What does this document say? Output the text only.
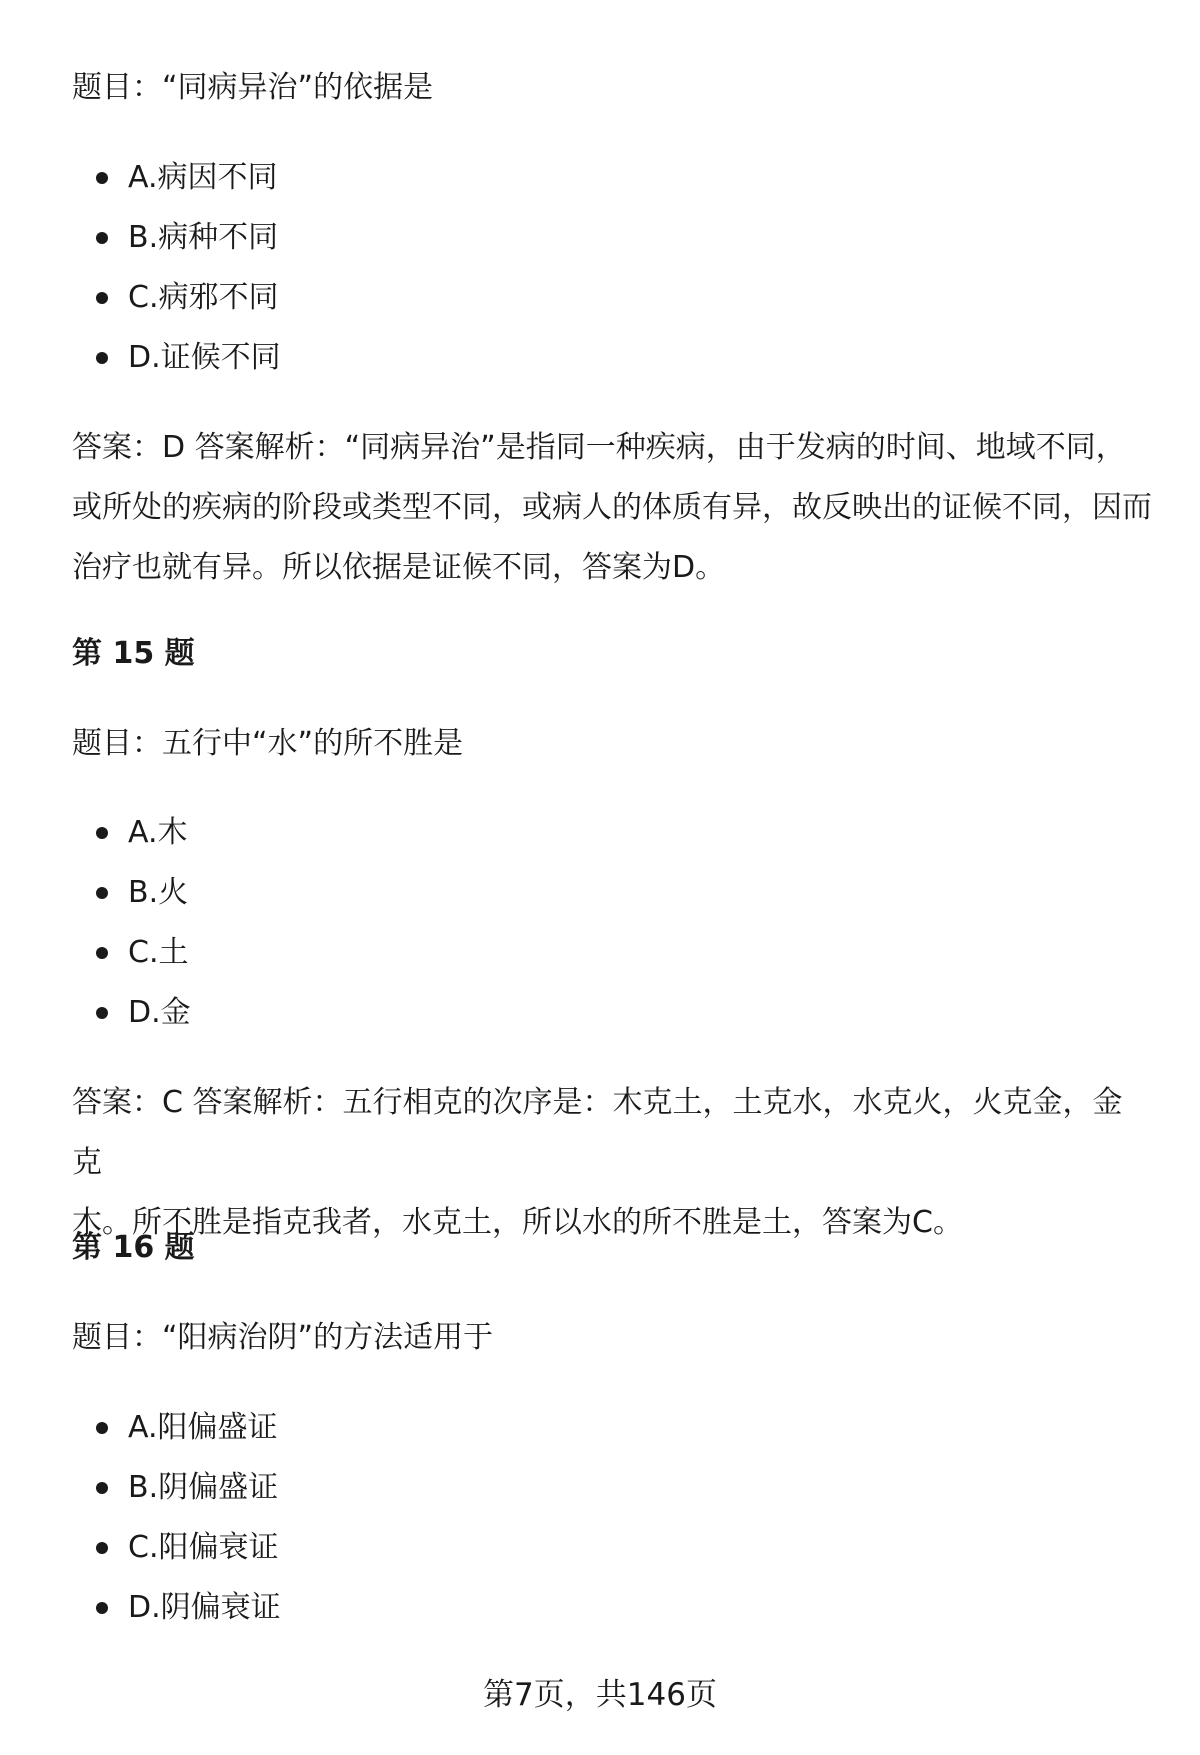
题目：“同病异治”的依据是

A.病因不同
B.病种不同
C.病邪不同
D.证候不同
答案：D 答案解析：“同病异治”是指同一种疾病，由于发病的时间、地域不同，
或所处的疾病的阶段或类型不同，或病人的体质有异，故反映出的证候不同，因而
治疗也就有异。所以依据是证候不同，答案为D。

第 15 题

题目：五行中“水”的所不胜是

A.木
B.火
C.土
D.金
答案：C 答案解析：五行相克的次序是：木克土，土克水，水克火，火克金，金克
木。所不胜是指克我者，水克土，所以水的所不胜是土，答案为C。

第 16 题

题目：“阳病治阴”的方法适用于

A.阳偏盛证
B.阴偏盛证
C.阳偏衰证
D.阴偏衰证

第7页，共146页
